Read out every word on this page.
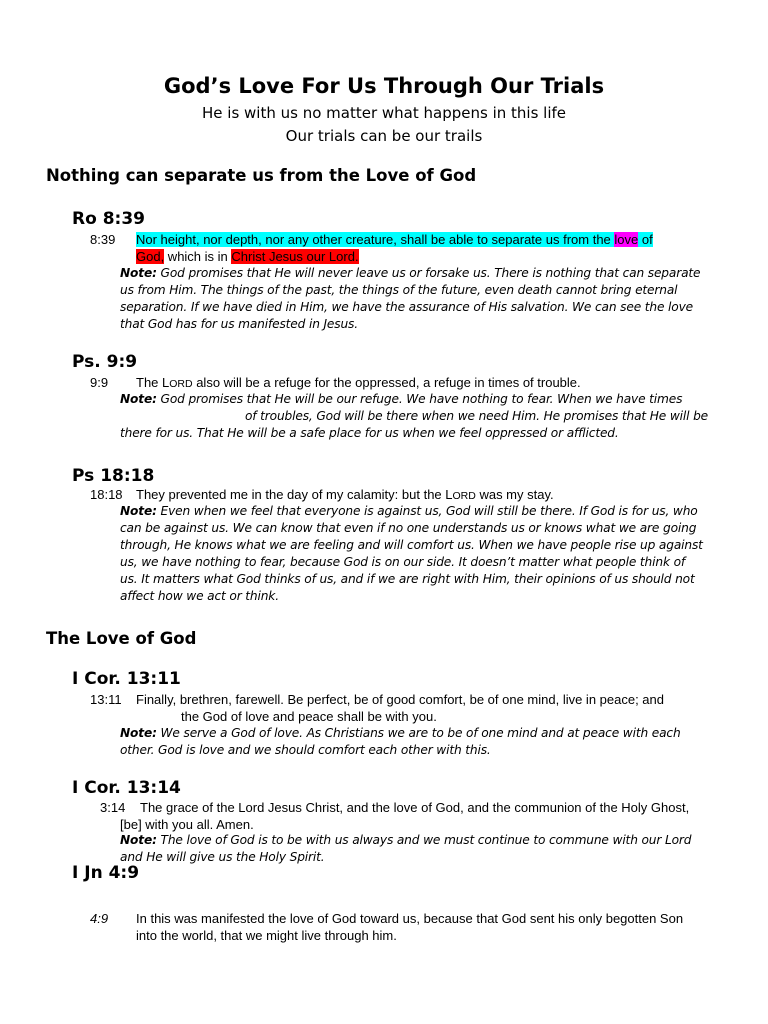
God’s Love For Us Through Our Trials
He is with us no matter what happens in this life
Our trials can be our trails
Nothing can separate us from the Love of God
Ro 8:39
8:39 Nor height, nor depth, nor any other creature, shall be able to separate us from the love of
God, which is in Christ Jesus our Lord.
Note: God promises that He will never leave us or forsake us. There is nothing that can separate
us from Him. The things of the past, the things of the future, even death cannot bring eternal
separation. If we have died in Him, we have the assurance of His salvation. We can see the love
that God has for us manifested in Jesus.
Ps. 9:9
9:9 The LORD also will be a refuge for the oppressed, a refuge in times of trouble.
Note: God promises that He will be our refuge. We have nothing to fear. When we have times
of troubles, God will be there when we need Him. He promises that He will be
there for us. That He will be a safe place for us when we feel oppressed or afflicted.
Ps 18:18
18:18 They prevented me in the day of my calamity: but the LORD was my stay.
Note: Even when we feel that everyone is against us, God will still be there. If God is for us, who
can be against us. We can know that even if no one understands us or knows what we are going
through, He knows what we are feeling and will comfort us. When we have people rise up against
us, we have nothing to fear, because God is on our side. It doesn’t matter what people think of
us. It matters what God thinks of us, and if we are right with Him, their opinions of us should not
affect how we act or think.
The Love of God
I Cor. 13:11
13:11 Finally, brethren, farewell. Be perfect, be of good comfort, be of one mind, live in peace; and
the God of love and peace shall be with you.
Note: We serve a God of love. As Christians we are to be of one mind and at peace with each
other. God is love and we should comfort each other with this.
I Cor. 13:14
3:14 The grace of the Lord Jesus Christ, and the love of God, and the communion of the Holy Ghost,
[be] with you all. Amen.
Note: The love of God is to be with us always and we must continue to commune with our Lord
and He will give us the Holy Spirit.
I Jn 4:9
4:9 In this was manifested the love of God toward us, because that God sent his only begotten Son
into the world, that we might live through him.
